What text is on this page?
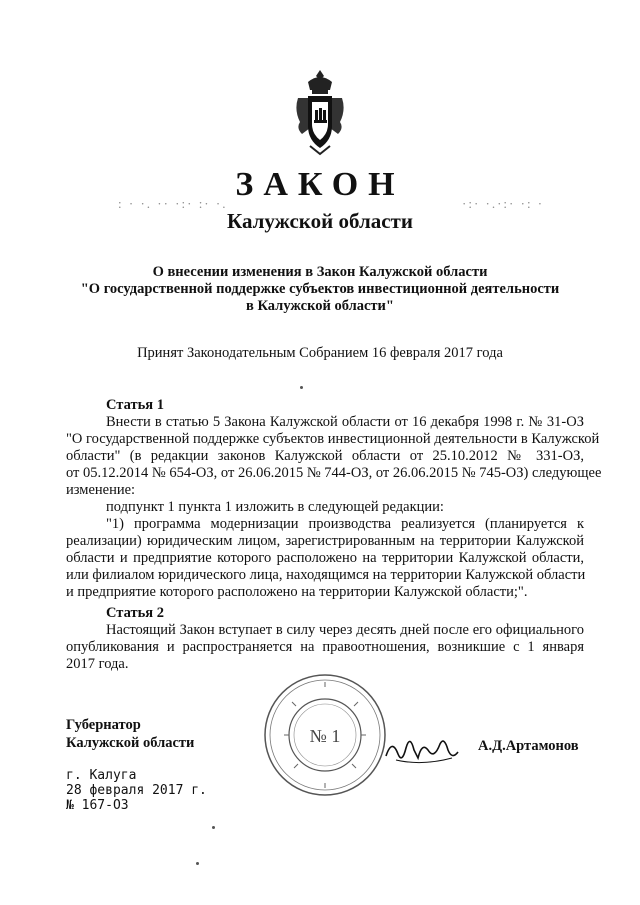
ЗАКОН
Калужской области
: · ·. ·· ·:· :· ·.	·:· ·.·:· ·: ·
О внесении изменения в Закон Калужской области
"О государственной поддержке субъектов инвестиционной деятельности
в Калужской области"
Принят Законодательным Собранием 16 февраля 2017 года
Статья 1
Внести в статью 5 Закона Калужской области от 16 декабря 1998 г. № 31-ОЗ
"О государственной поддержке субъектов инвестиционной деятельности в Калужской
области" (в редакции законов Калужской области от 25.10.2012 № 331-ОЗ,
от 05.12.2014 № 654-ОЗ, от 26.06.2015 № 744-ОЗ, от 26.06.2015 № 745-ОЗ) следующее
изменение:
подпункт 1 пункта 1 изложить в следующей редакции:
"1) программа модернизации производства реализуется (планируется к
реализации) юридическим лицом, зарегистрированным на территории Калужской
области и предприятие которого расположено на территории Калужской области,
или филиалом юридического лица, находящимся на территории Калужской области
и предприятие которого расположено на территории Калужской области;".
Статья 2
Настоящий Закон вступает в силу через десять дней после его официального
опубликования и распространяется на правоотношения, возникшие с 1 января
2017 года.
№ 1
Губернатор
Калужской области	А.Д.Артамонов
г. Калуга
28 февраля 2017 г.
№ 167-ОЗ
